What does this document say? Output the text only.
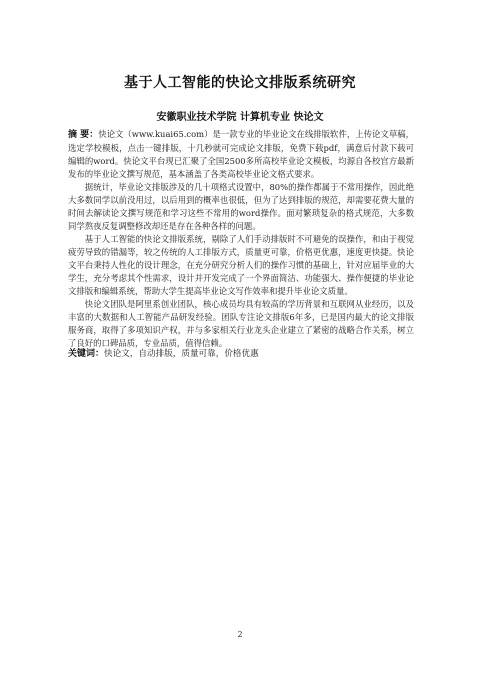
基于人工智能的快论文排版系统研究
安徽职业技术学院 计算机专业 快论文

摘 要：快论文（www.kuai65.com）是一款专业的毕业论文在线排版软件，上传论文草稿，选定学校模板，点击一键排版，十几秒就可完成论文排版，免费下载pdf，满意后付款下载可编辑的word。快论文平台现已汇聚了全国2500多所高校毕业论文模板，均源自各校官方最新发布的毕业论文撰写规范，基本涵盖了各类高校毕业论文格式要求。

据统计，毕业论文排版涉及的几十项格式设置中，80%的操作都属于不常用操作，因此绝大多数同学以前没用过，以后用到的概率也很低，但为了达到排版的规范，却需要花费大量的时间去解读论文撰写规范和学习这些不常用的word操作。面对繁琐复杂的格式规范，大多数同学熬夜反复调整修改却还是存在各种各样的问题。

基于人工智能的快论文排版系统，剔除了人们手动排版时不可避免的误操作，和由于视觉疲劳导致的错漏等，较之传统的人工排版方式，质量更可靠，价格更优惠，速度更快捷。快论文平台秉持人性化的设计理念，在充分研究分析人们的操作习惯的基础上，针对应届毕业的大学生，充分考虑其个性需求，设计并开发完成了一个界面简洁、功能强大、操作便捷的毕业论文排版和编辑系统，帮助大学生提高毕业论文写作效率和提升毕业论文质量。

快论文团队是阿里系创业团队，核心成员均具有较高的学历背景和互联网从业经历，以及丰富的大数据和人工智能产品研发经验。团队专注论文排版6年多，已是国内最大的论文排版服务商，取得了多项知识产权，并与多家相关行业龙头企业建立了紧密的战略合作关系，树立了良好的口碑品质，专业品质，值得信赖。

关键词：快论文，自动排版，质量可靠，价格优惠
2
